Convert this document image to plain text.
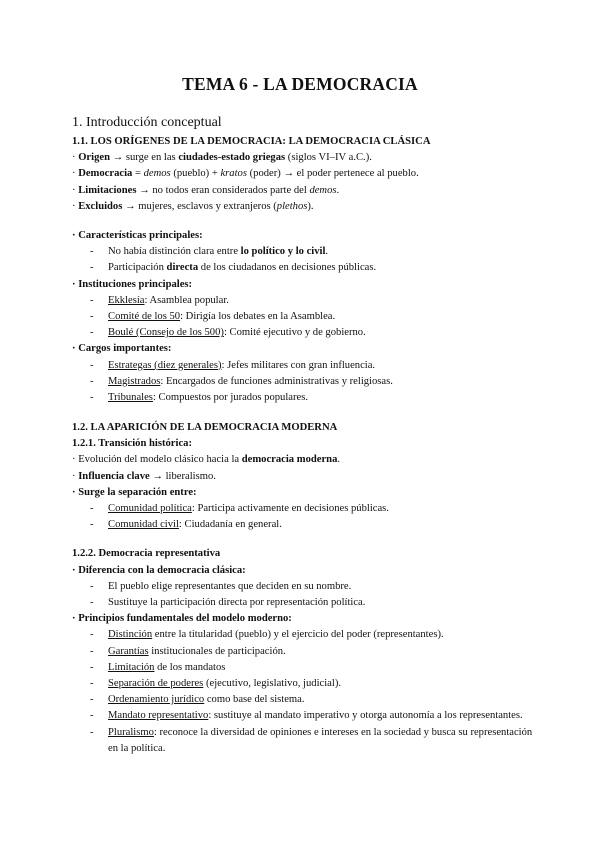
TEMA 6 - LA DEMOCRACIA
1. Introducción conceptual
1.1. LOS ORÍGENES DE LA DEMOCRACIA: LA DEMOCRACIA CLÁSICA
· Origen → surge en las ciudades-estado griegas (siglos VI–IV a.C.).
· Democracia = demos (pueblo) + kratos (poder) → el poder pertenece al pueblo.
· Limitaciones → no todos eran considerados parte del demos.
· Excluidos → mujeres, esclavos y extranjeros (plethos).
· Características principales:
- No había distinción clara entre lo político y lo civil.
- Participación directa de los ciudadanos en decisiones públicas.
· Instituciones principales:
- Ekklesía: Asamblea popular.
- Comité de los 50: Dirigía los debates en la Asamblea.
- Boulé (Consejo de los 500): Comité ejecutivo y de gobierno.
· Cargos importantes:
- Estrategas (diez generales): Jefes militares con gran influencia.
- Magistrados: Encargados de funciones administrativas y religiosas.
- Tribunales: Compuestos por jurados populares.
1.2. LA APARICIÓN DE LA DEMOCRACIA MODERNA
1.2.1. Transición histórica:
· Evolución del modelo clásico hacia la democracia moderna.
· Influencia clave → liberalismo.
· Surge la separación entre:
- Comunidad política: Participa activamente en decisiones públicas.
- Comunidad civil: Ciudadanía en general.
1.2.2. Democracia representativa
· Diferencia con la democracia clásica:
- El pueblo elige representantes que deciden en su nombre.
- Sustituye la participación directa por representación política.
· Principios fundamentales del modelo moderno:
- Distinción entre la titularidad (pueblo) y el ejercicio del poder (representantes).
- Garantías institucionales de participación.
- Limitación de los mandatos
- Separación de poderes (ejecutivo, legislativo, judicial).
- Ordenamiento jurídico como base del sistema.
-	Mandato representativo: sustituye al mandato imperativo y otorga autonomía a los representantes.
-	Pluralismo: reconoce la diversidad de opiniones e intereses en la sociedad y busca su representación en la política.
